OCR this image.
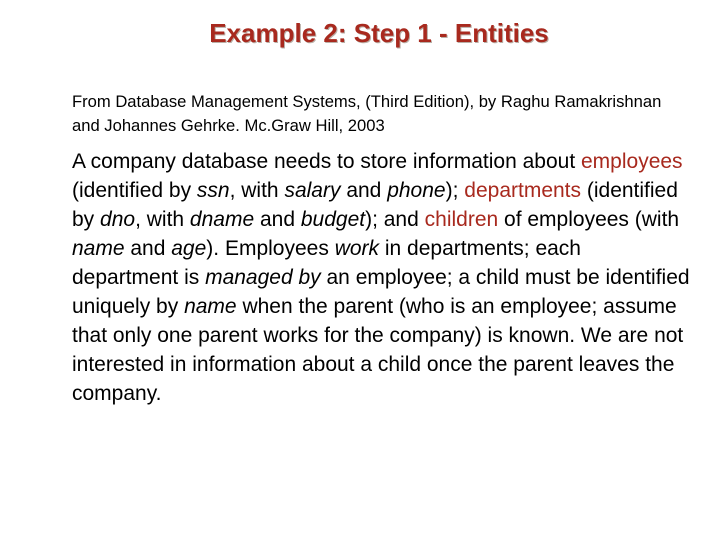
Example 2: Step 1 - Entities
From Database Management Systems, (Third Edition), by Raghu Ramakrishnan and Johannes Gehrke. Mc.Graw Hill, 2003
A company database needs to store information about employees (identified by ssn, with salary and phone); departments (identified by dno, with dname and budget); and children of employees (with name and age). Employees work in departments; each department is managed by an employee; a child must be identified uniquely by name when the parent (who is an employee; assume that only one parent works for the company) is known. We are not interested in information about a child once the parent leaves the company.
